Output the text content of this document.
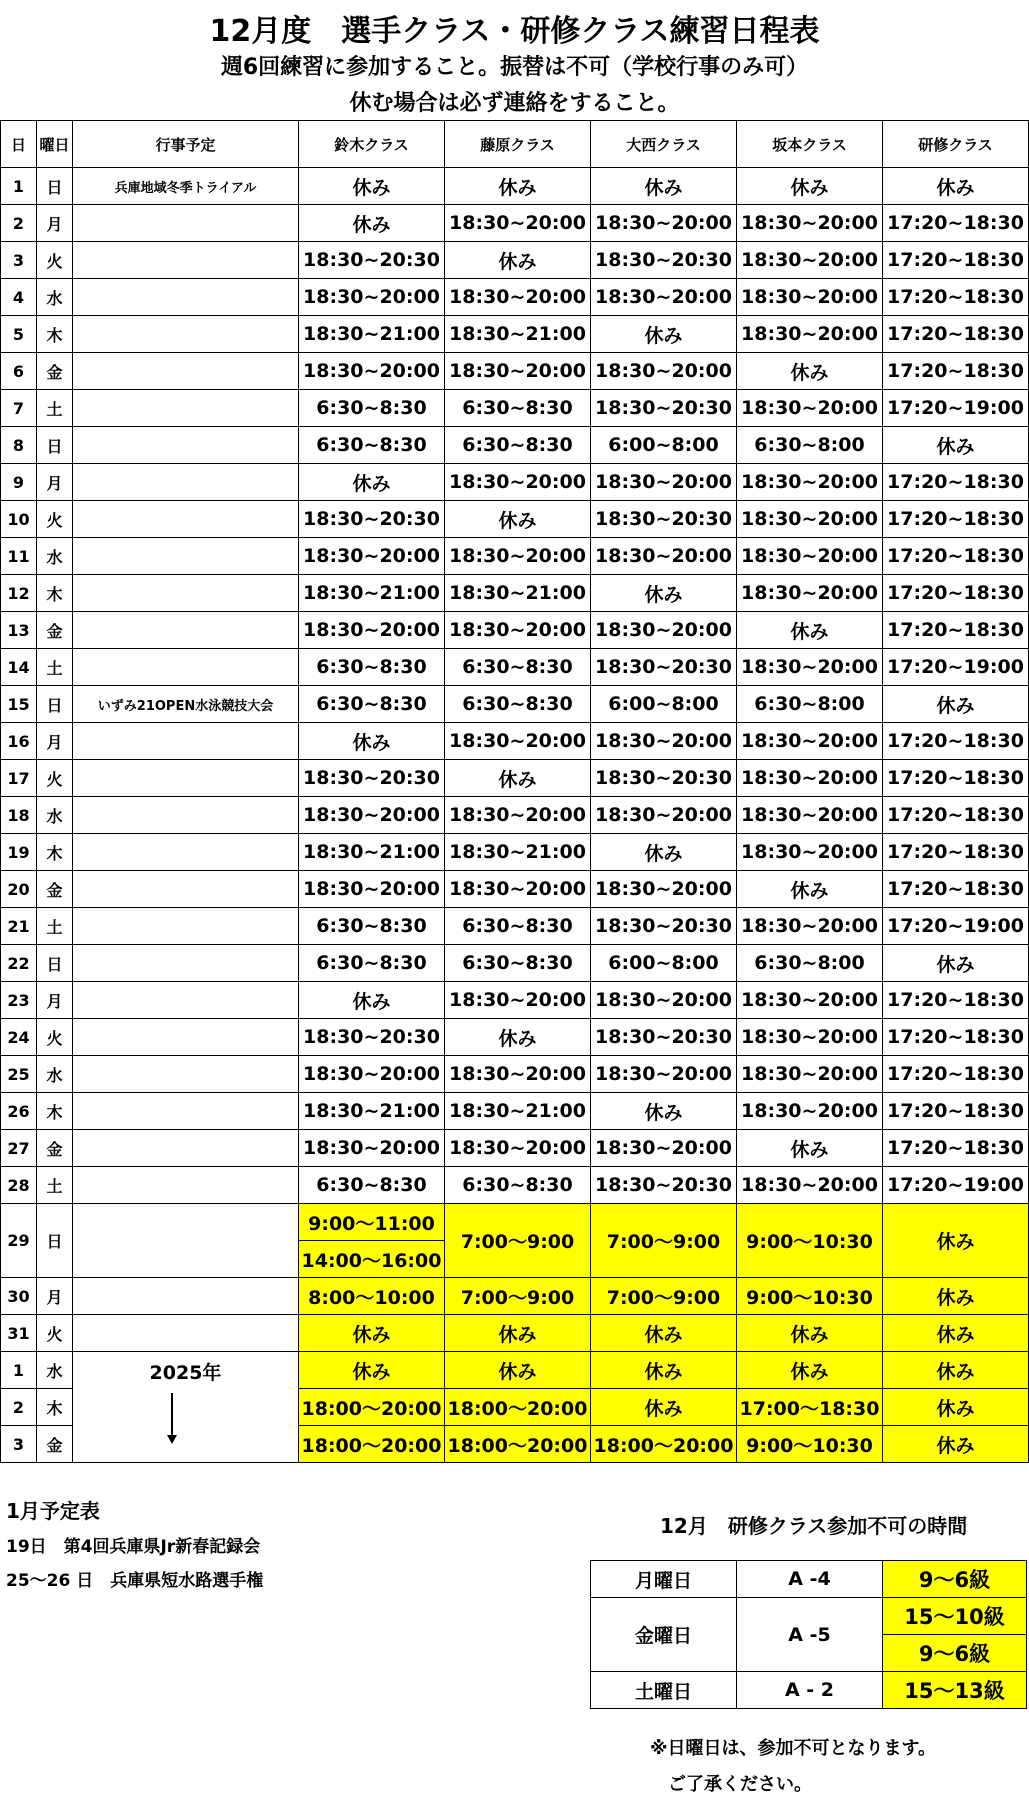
12月度　選手クラス・研修クラス練習日程表
週6回練習に参加すること。振替は不可（学校行事のみ可）
休む場合は必ず連絡をすること。
日	曜日	行事予定	鈴木クラス	藤原クラス	大西クラス	坂本クラス	研修クラス
1	日	兵庫地域冬季トライアル	休み	休み	休み	休み	休み
2	月		休み	18:30~20:00	18:30~20:00	18:30~20:00	17:20~18:30
3	火		18:30~20:30	休み	18:30~20:30	18:30~20:00	17:20~18:30
4	水		18:30~20:00	18:30~20:00	18:30~20:00	18:30~20:00	17:20~18:30
5	木		18:30~21:00	18:30~21:00	休み	18:30~20:00	17:20~18:30
6	金		18:30~20:00	18:30~20:00	18:30~20:00	休み	17:20~18:30
7	土		6:30~8:30	6:30~8:30	18:30~20:30	18:30~20:00	17:20~19:00
8	日		6:30~8:30	6:30~8:30	6:00~8:00	6:30~8:00	休み
9	月		休み	18:30~20:00	18:30~20:00	18:30~20:00	17:20~18:30
10	火		18:30~20:30	休み	18:30~20:30	18:30~20:00	17:20~18:30
11	水		18:30~20:00	18:30~20:00	18:30~20:00	18:30~20:00	17:20~18:30
12	木		18:30~21:00	18:30~21:00	休み	18:30~20:00	17:20~18:30
13	金		18:30~20:00	18:30~20:00	18:30~20:00	休み	17:20~18:30
14	土		6:30~8:30	6:30~8:30	18:30~20:30	18:30~20:00	17:20~19:00
15	日	いずみ21OPEN水泳競技大会	6:30~8:30	6:30~8:30	6:00~8:00	6:30~8:00	休み
16	月		休み	18:30~20:00	18:30~20:00	18:30~20:00	17:20~18:30
17	火		18:30~20:30	休み	18:30~20:30	18:30~20:00	17:20~18:30
18	水		18:30~20:00	18:30~20:00	18:30~20:00	18:30~20:00	17:20~18:30
19	木		18:30~21:00	18:30~21:00	休み	18:30~20:00	17:20~18:30
20	金		18:30~20:00	18:30~20:00	18:30~20:00	休み	17:20~18:30
21	土		6:30~8:30	6:30~8:30	18:30~20:30	18:30~20:00	17:20~19:00
22	日		6:30~8:30	6:30~8:30	6:00~8:00	6:30~8:00	休み
23	月		休み	18:30~20:00	18:30~20:00	18:30~20:00	17:20~18:30
24	火		18:30~20:30	休み	18:30~20:30	18:30~20:00	17:20~18:30
25	水		18:30~20:00	18:30~20:00	18:30~20:00	18:30~20:00	17:20~18:30
26	木		18:30~21:00	18:30~21:00	休み	18:30~20:00	17:20~18:30
27	金		18:30~20:00	18:30~20:00	18:30~20:00	休み	17:20~18:30
28	土		6:30~8:30	6:30~8:30	18:30~20:30	18:30~20:00	17:20~19:00
29	日		9:00～11:00	7:00～9:00	7:00～9:00	9:00～10:30	休み
			14:00～16:00				
30	月		8:00～10:00	7:00～9:00	7:00～9:00	9:00～10:30	休み
31	火		休み	休み	休み	休み	休み
1	水	2025年	休み	休み	休み	休み	休み
2	木		18:00～20:00	18:00～20:00	休み	17:00～18:30	休み
3	金		18:00～20:00	18:00～20:00	18:00～20:00	9:00～10:30	休み
1月予定表
19日　第4回兵庫県Jr新春記録会
25～26 日　兵庫県短水路選手権
12月　研修クラス参加不可の時間
月曜日	A -4	9～6級
金曜日	A -5	15～10級
		9～6級
土曜日	A - 2	15～13級
※日曜日は、参加不可となります。
ご了承ください。
